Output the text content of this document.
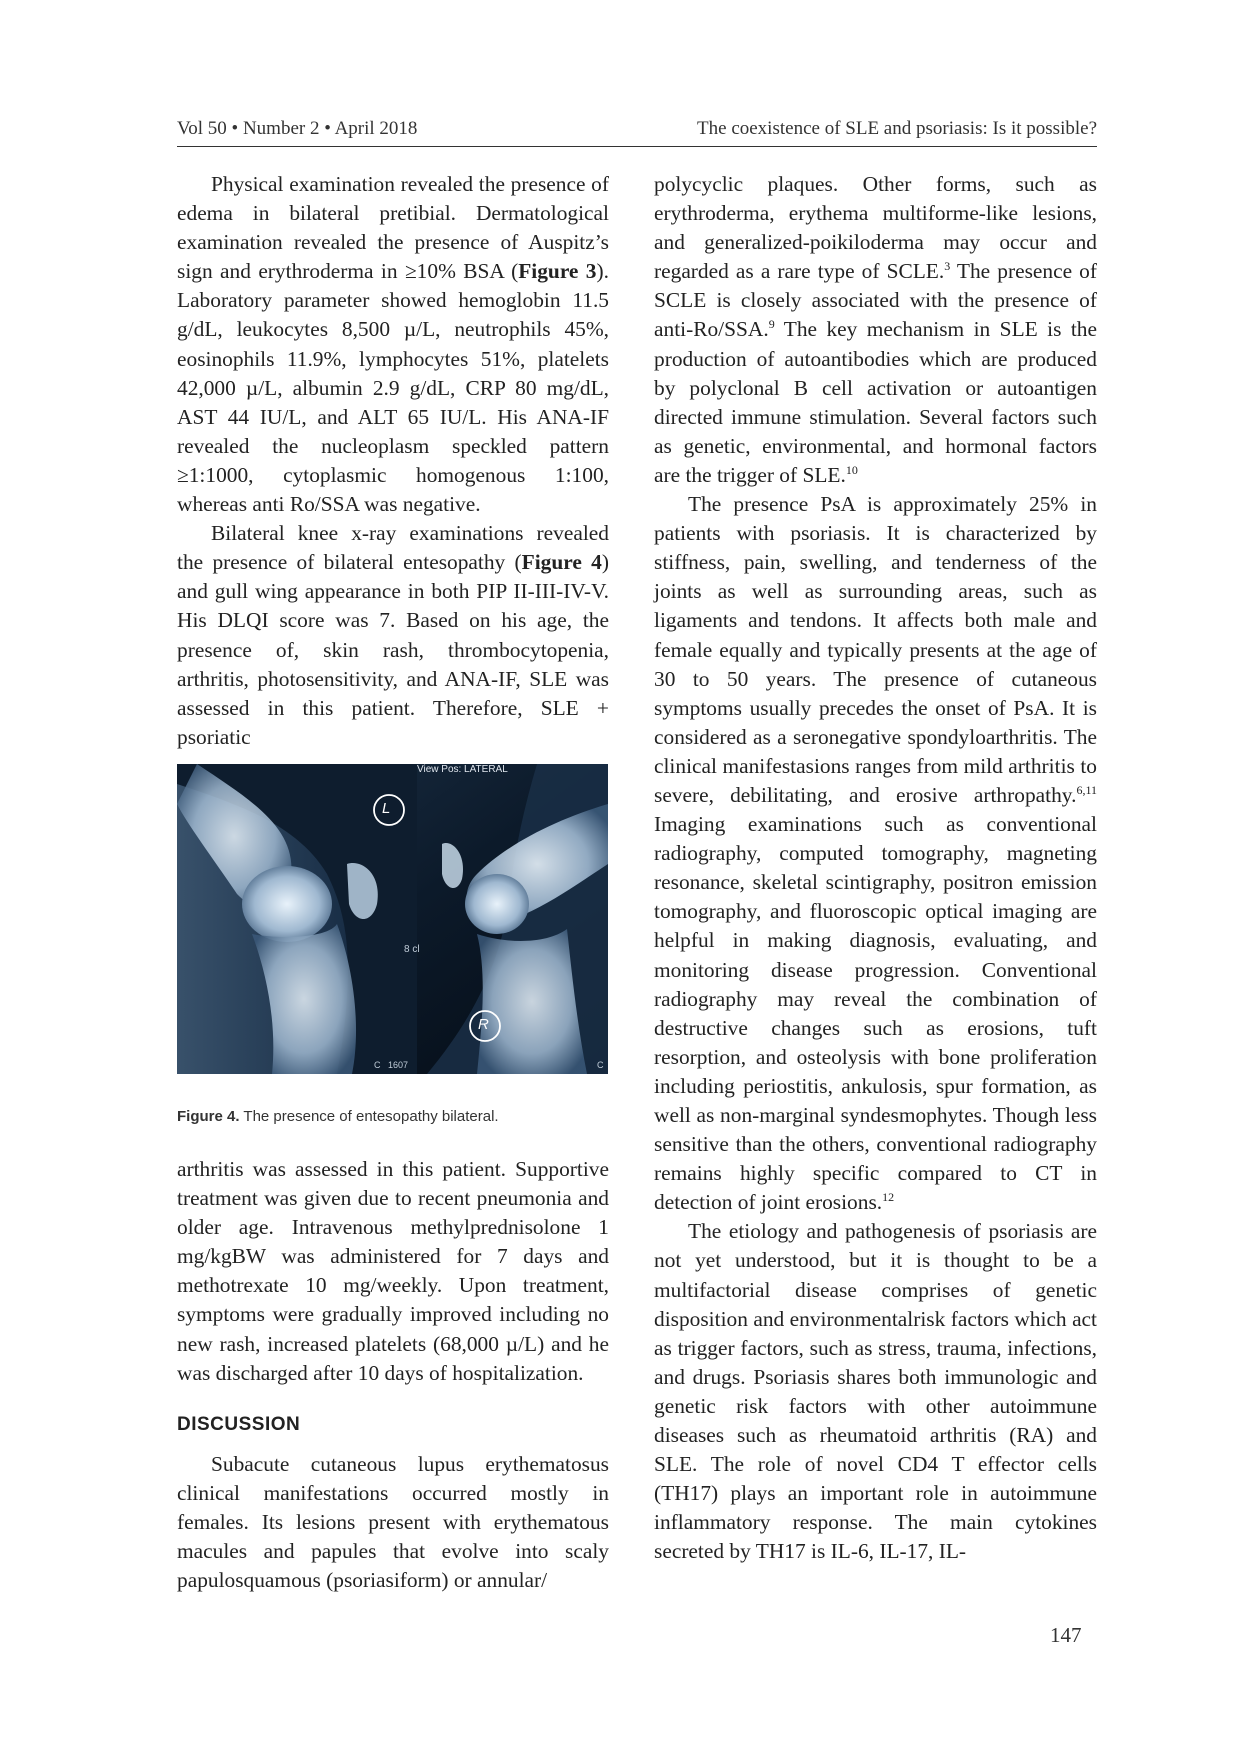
Vol 50 • Number 2 • April 2018	The coexistence of SLE and psoriasis: Is it possible?

Physical examination revealed the presence of edema in bilateral pretibial. Dermatological examination revealed the presence of Auspitz’s sign and erythroderma in ≥10% BSA (Figure 3). Laboratory parameter showed hemoglobin 11.5 g/dL, leukocytes 8,500 µ/L, neutrophils 45%, eosinophils 11.9%, lymphocytes 51%, platelets 42,000 µ/L, albumin 2.9 g/dL, CRP 80 mg/dL, AST 44 IU/L, and ALT 65 IU/L. His ANA-IF revealed the nucleoplasm speckled pattern ≥1:1000, cytoplasmic homogenous 1:100, whereas anti Ro/SSA was negative.

Bilateral knee x-ray examinations revealed the presence of bilateral entesopathy (Figure 4) and gull wing appearance in both PIP II-III-IV-V. His DLQI score was 7. Based on his age, the presence of, skin rash, thrombocytopenia, arthritis, photosensitivity, and ANA-IF, SLE was assessed in this patient. Therefore, SLE + psoriatic

View Pos: LATERAL
L
R
8 cl
C   1607	C
Figure 4. The presence of entesopathy bilateral.

arthritis was assessed in this patient. Supportive treatment was given due to recent pneumonia and older age. Intravenous methylprednisolone 1 mg/kgBW was administered for 7 days and methotrexate 10 mg/weekly. Upon treatment, symptoms were gradually improved including no new rash, increased platelets (68,000 µ/L) and he was discharged after 10 days of hospitalization.

DISCUSSION

Subacute cutaneous lupus erythematosus clinical manifestations occurred mostly in females. Its lesions present with erythematous macules and papules that evolve into scaly papulosquamous (psoriasiform) or annular/

polycyclic plaques. Other forms, such as erythroderma, erythema multiforme-like lesions, and generalized-poikiloderma may occur and regarded as a rare type of SCLE.$^3$ The presence of SCLE is closely associated with the presence of anti-Ro/SSA.$^9$ The key mechanism in SLE is the production of autoantibodies which are produced by polyclonal B cell activation or autoantigen directed immune stimulation. Several factors such as genetic, environmental, and hormonal factors are the trigger of SLE.$^{10}$

The presence PsA is approximately 25% in patients with psoriasis. It is characterized by stiffness, pain, swelling, and tenderness of the joints as well as surrounding areas, such as ligaments and tendons. It affects both male and female equally and typically presents at the age of 30 to 50 years. The presence of cutaneous symptoms usually precedes the onset of PsA. It is considered as a seronegative spondyloarthritis. The clinical manifestasions ranges from mild arthritis to severe, debilitating, and erosive arthropathy.$^{6,11}$ Imaging examinations such as conventional radiography, computed tomography, magneting resonance, skeletal scintigraphy, positron emission tomography, and fluoroscopic optical imaging are helpful in making diagnosis, evaluating, and monitoring disease progression. Conventional radiography may reveal the combination of destructive changes such as erosions, tuft resorption, and osteolysis with bone proliferation including periostitis, ankulosis, spur formation, as well as non-marginal syndesmophytes. Though less sensitive than the others, conventional radiography remains highly specific compared to CT in detection of joint erosions.$^{12}$

The etiology and pathogenesis of psoriasis are not yet understood, but it is thought to be a multifactorial disease comprises of genetic disposition and environmentalrisk factors which act as trigger factors, such as stress, trauma, infections, and drugs. Psoriasis shares both immunologic and genetic risk factors with other autoimmune diseases such as rheumatoid arthritis (RA) and SLE. The role of novel CD4 T effector cells (TH17) plays an important role in autoimmune inflammatory response. The main cytokines secreted by TH17 is IL-6, IL-17, IL-

147
